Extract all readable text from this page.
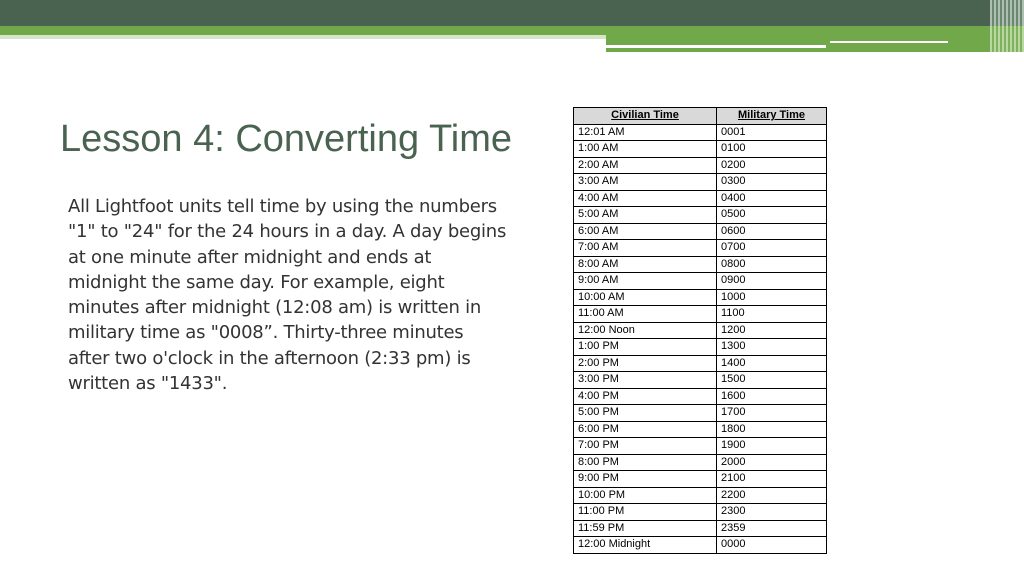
Lesson 4: Converting Time
All Lightfoot units tell time by using the numbers "1" to "24" for the 24 hours in a day. A day begins at one minute after midnight and ends at midnight the same day. For example, eight minutes after midnight (12:08 am) is written in military time as "0008”. Thirty-three minutes after two o'clock in the afternoon (2:33 pm) is written as "1433".
Civilian Time	Military Time
12:01 AM	0001
1:00 AM	0100
2:00 AM	0200
3:00 AM	0300
4:00 AM	0400
5:00 AM	0500
6:00 AM	0600
7:00 AM	0700
8:00 AM	0800
9:00 AM	0900
10:00 AM	1000
11:00 AM	1100
12:00 Noon	1200
1:00 PM	1300
2:00 PM	1400
3:00 PM	1500
4:00 PM	1600
5:00 PM	1700
6:00 PM	1800
7:00 PM	1900
8:00 PM	2000
9:00 PM	2100
10:00 PM	2200
11:00 PM	2300
11:59 PM	2359
12:00 Midnight	0000
